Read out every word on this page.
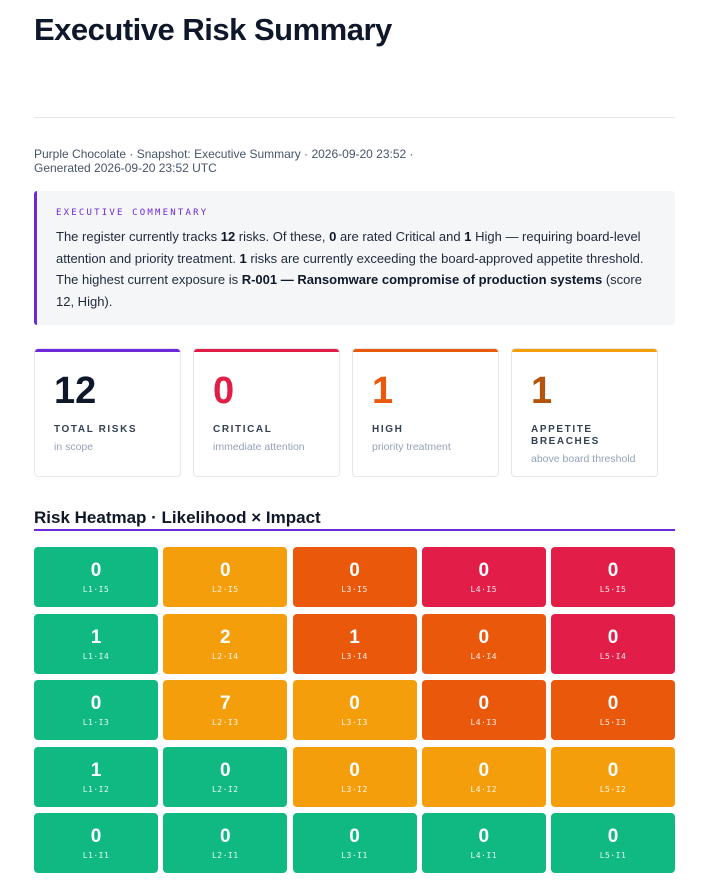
Executive Risk Summary
Purple Chocolate · Snapshot: Executive Summary · 2026-09-20 23:52 · Generated 2026-09-20 23:52 UTC
EXECUTIVE COMMENTARY

The register currently tracks 12 risks. Of these, 0 are rated Critical and 1 High — requiring board-level attention and priority treatment. 1 risks are currently exceeding the board-approved appetite threshold. The highest current exposure is R-001 — Ransomware compromise of production systems (score 12, High).

12
TOTAL RISKS
in scope
0
CRITICAL
immediate attention
1
HIGH
priority treatment
1
APPETITE BREACHES
above board threshold
Risk Heatmap · Likelihood × Impact
0
L1·I5
0
L2·I5
0
L3·I5
0
L4·I5
0
L5·I5
1
L1·I4
2
L2·I4
1
L3·I4
0
L4·I4
0
L5·I4
0
L1·I3
7
L2·I3
0
L3·I3
0
L4·I3
0
L5·I3
1
L1·I2
0
L2·I2
0
L3·I2
0
L4·I2
0
L5·I2
0
L1·I1
0
L2·I1
0
L3·I1
0
L4·I1
0
L5·I1
